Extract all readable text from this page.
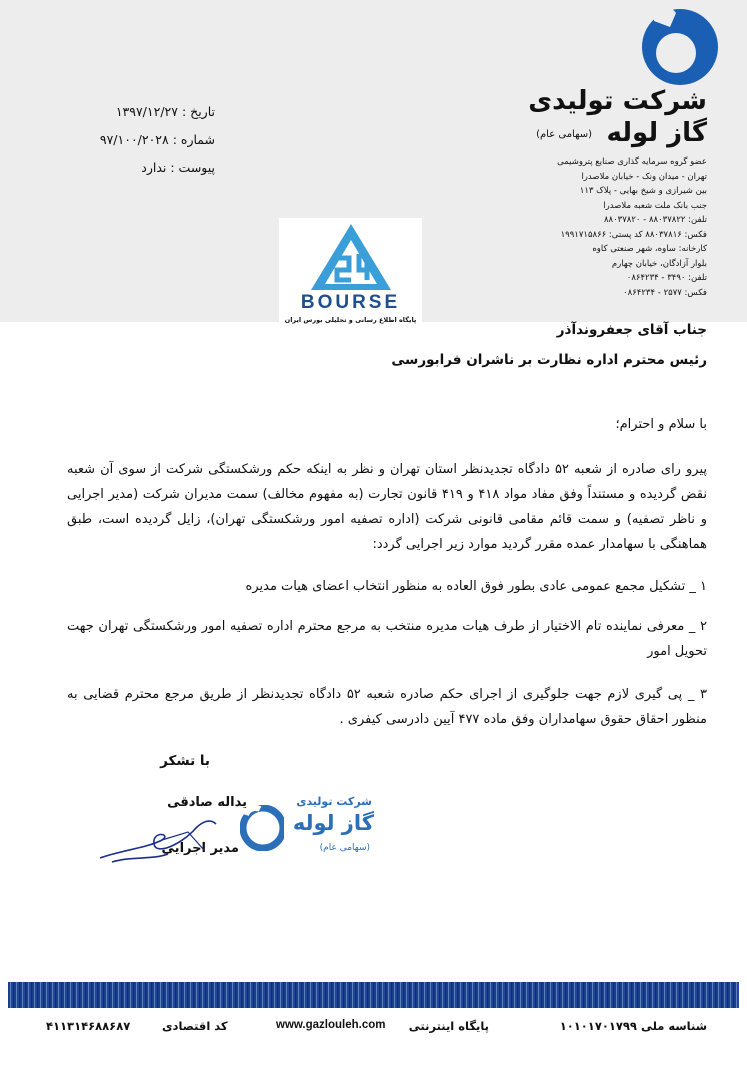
شرکت تولیدی
گاز لوله
(سهامی عام)
عضو گروه سرمایه گذاری صنایع پتروشیمی
تهران - میدان ونک - خیابان ملاصدرا
بین شیرازی و شیخ بهایی - پلاک ۱۱۳
جنب بانک ملت شعبه ملاصدرا
تلفن: ۸۸۰۳۷۸۲۲ - ۸۸۰۳۷۸۲۰
فکس: ۸۸۰۳۷۸۱۶ کد پستی: ۱۹۹۱۷۱۵۸۶۶
کارخانه: ساوه، شهر صنعتی کاوه
بلوار آزادگان، خیابان چهارم
تلفن: ۳۴۹۰ - ۰۸۶۴۲۳۴
فکس: ۲۵۷۷ - ۰۸۶۴۲۳۴
تاریخ : ۱۳۹۷/۱۲/۲۷
شماره : ۹۷/۱۰۰/۲۰۲۸
پیوست : ندارد
BOURSE
پایگاه اطلاع رسانی و تحلیلی بورس ایران
جناب آقای جعفروندآذر
رئیس محترم اداره نظارت بر ناشران فرابورسی
با سلام و احترام؛
پیرو رای صادره از شعبه ۵۲ دادگاه تجدیدنظر استان تهران و نظر به اینکه حکم ورشکستگی شرکت از سوی آن شعبه نقض گردیده و مستنداً وفق مفاد مواد ۴۱۸ و ۴۱۹ قانون تجارت (به مفهوم مخالف) سمت مدیران شرکت (مدیر اجرایی و ناظر تصفیه) و سمت قائم مقامی قانونی شرکت (اداره تصفیه امور ورشکستگی تهران)، زایل گردیده است، طبق هماهنگی با سهامدار عمده مقرر گردید موارد زیر اجرایی گردد:
۱ _ تشکیل مجمع عمومی عادی بطور فوق العاده به منظور انتخاب اعضای هیات مدیره
۲ _ معرفی نماینده تام الاختیار از طرف هیات مدیره منتخب به مرجع محترم اداره تصفیه امور ورشکستگی تهران جهت تحویل امور
۳ _ پی گیری لازم جهت جلوگیری از اجرای حکم صادره شعبه ۵۲ دادگاه تجدیدنظر از طریق مرجع محترم قضایی به منظور احقاق حقوق سهامداران وفق ماده ۴۷۷ آیین دادرسی کیفری .
با تشکر
یداله صادقی
مدیر اجرایی
شرکت تولیدی
گاز لوله
(سهامی عام)
شناسه ملی ۱۰۱۰۱۷۰۱۷۹۹
پایگاه اینترنتی
www.gazlouleh.com
کد اقتصادی
۴۱۱۳۱۴۶۸۸۶۸۷
